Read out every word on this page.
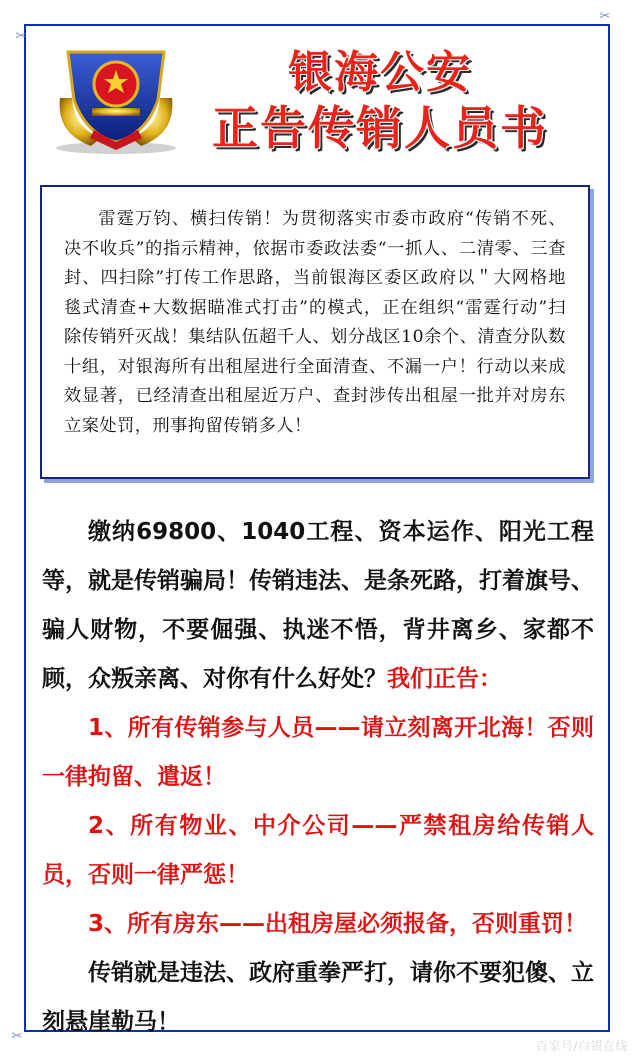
✂
✂
✂
银海公安
正告传销人员书

雷霆万钧、横扫传销！为贯彻落实市委市政府“传销不死、决不收兵”的指示精神，依据市委政法委“一抓人、二清零、三查封、四扫除”打传工作思路，当前银海区委区政府以＂大网格地毯式清查+大数据瞄准式打击”的模式，正在组织“雷霆行动”扫除传销歼灭战！集结队伍超千人、划分战区10余个、清查分队数十组，对银海所有出租屋进行全面清查、不漏一户！行动以来成效显著，已经清查出租屋近万户、查封涉传出租屋一批并对房东立案处罚，刑事拘留传销多人！

缴纳69800、1040工程、资本运作、阳光工程等，就是传销骗局！传销违法、是条死路，打着旗号、骗人财物，不要倔强、执迷不悟，背井离乡、家都不顾，众叛亲离、对你有什么好处？我们正告：

1、所有传销参与人员——请立刻离开北海！否则一律拘留、遣返！

2、所有物业、中介公司——严禁租房给传销人员，否则一律严惩！

3、所有房东——出租房屋必须报备，否则重罚！

传销就是违法、政府重拳严打，请你不要犯傻、立刻悬崖勒马！

百家号/白银在线
